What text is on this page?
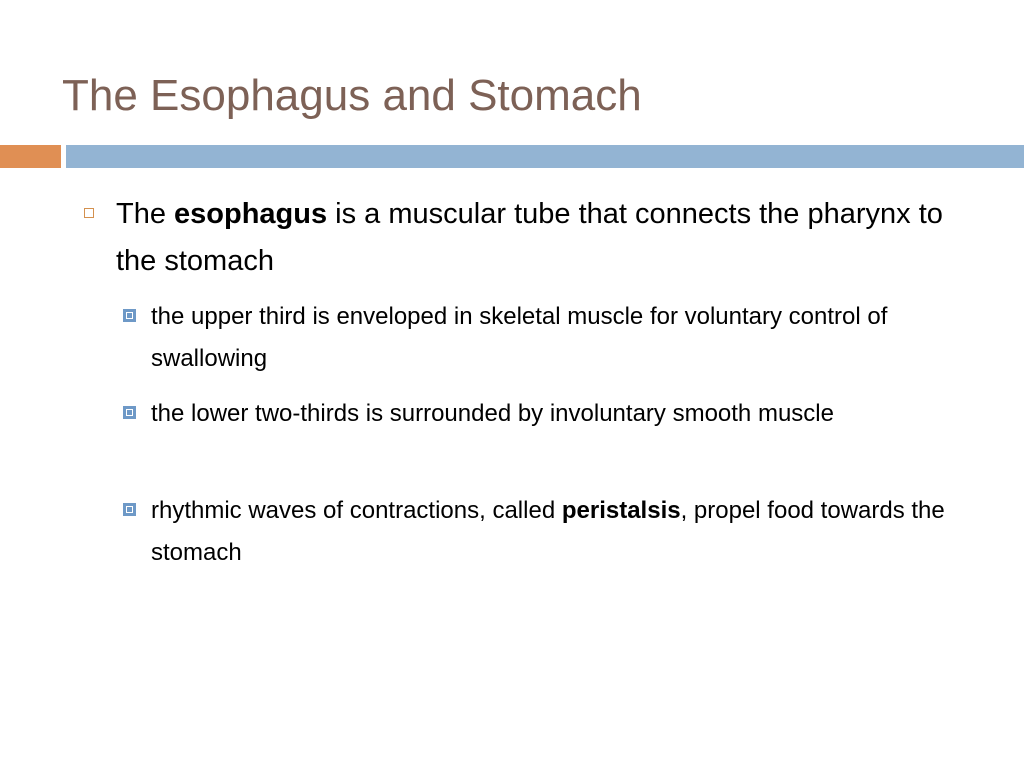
The Esophagus and Stomach
The esophagus is a muscular tube that connects the pharynx to the stomach
the upper third is enveloped in skeletal muscle for voluntary control of swallowing
the lower two-thirds is surrounded by involuntary smooth muscle
rhythmic waves of contractions, called peristalsis, propel food towards the stomach
